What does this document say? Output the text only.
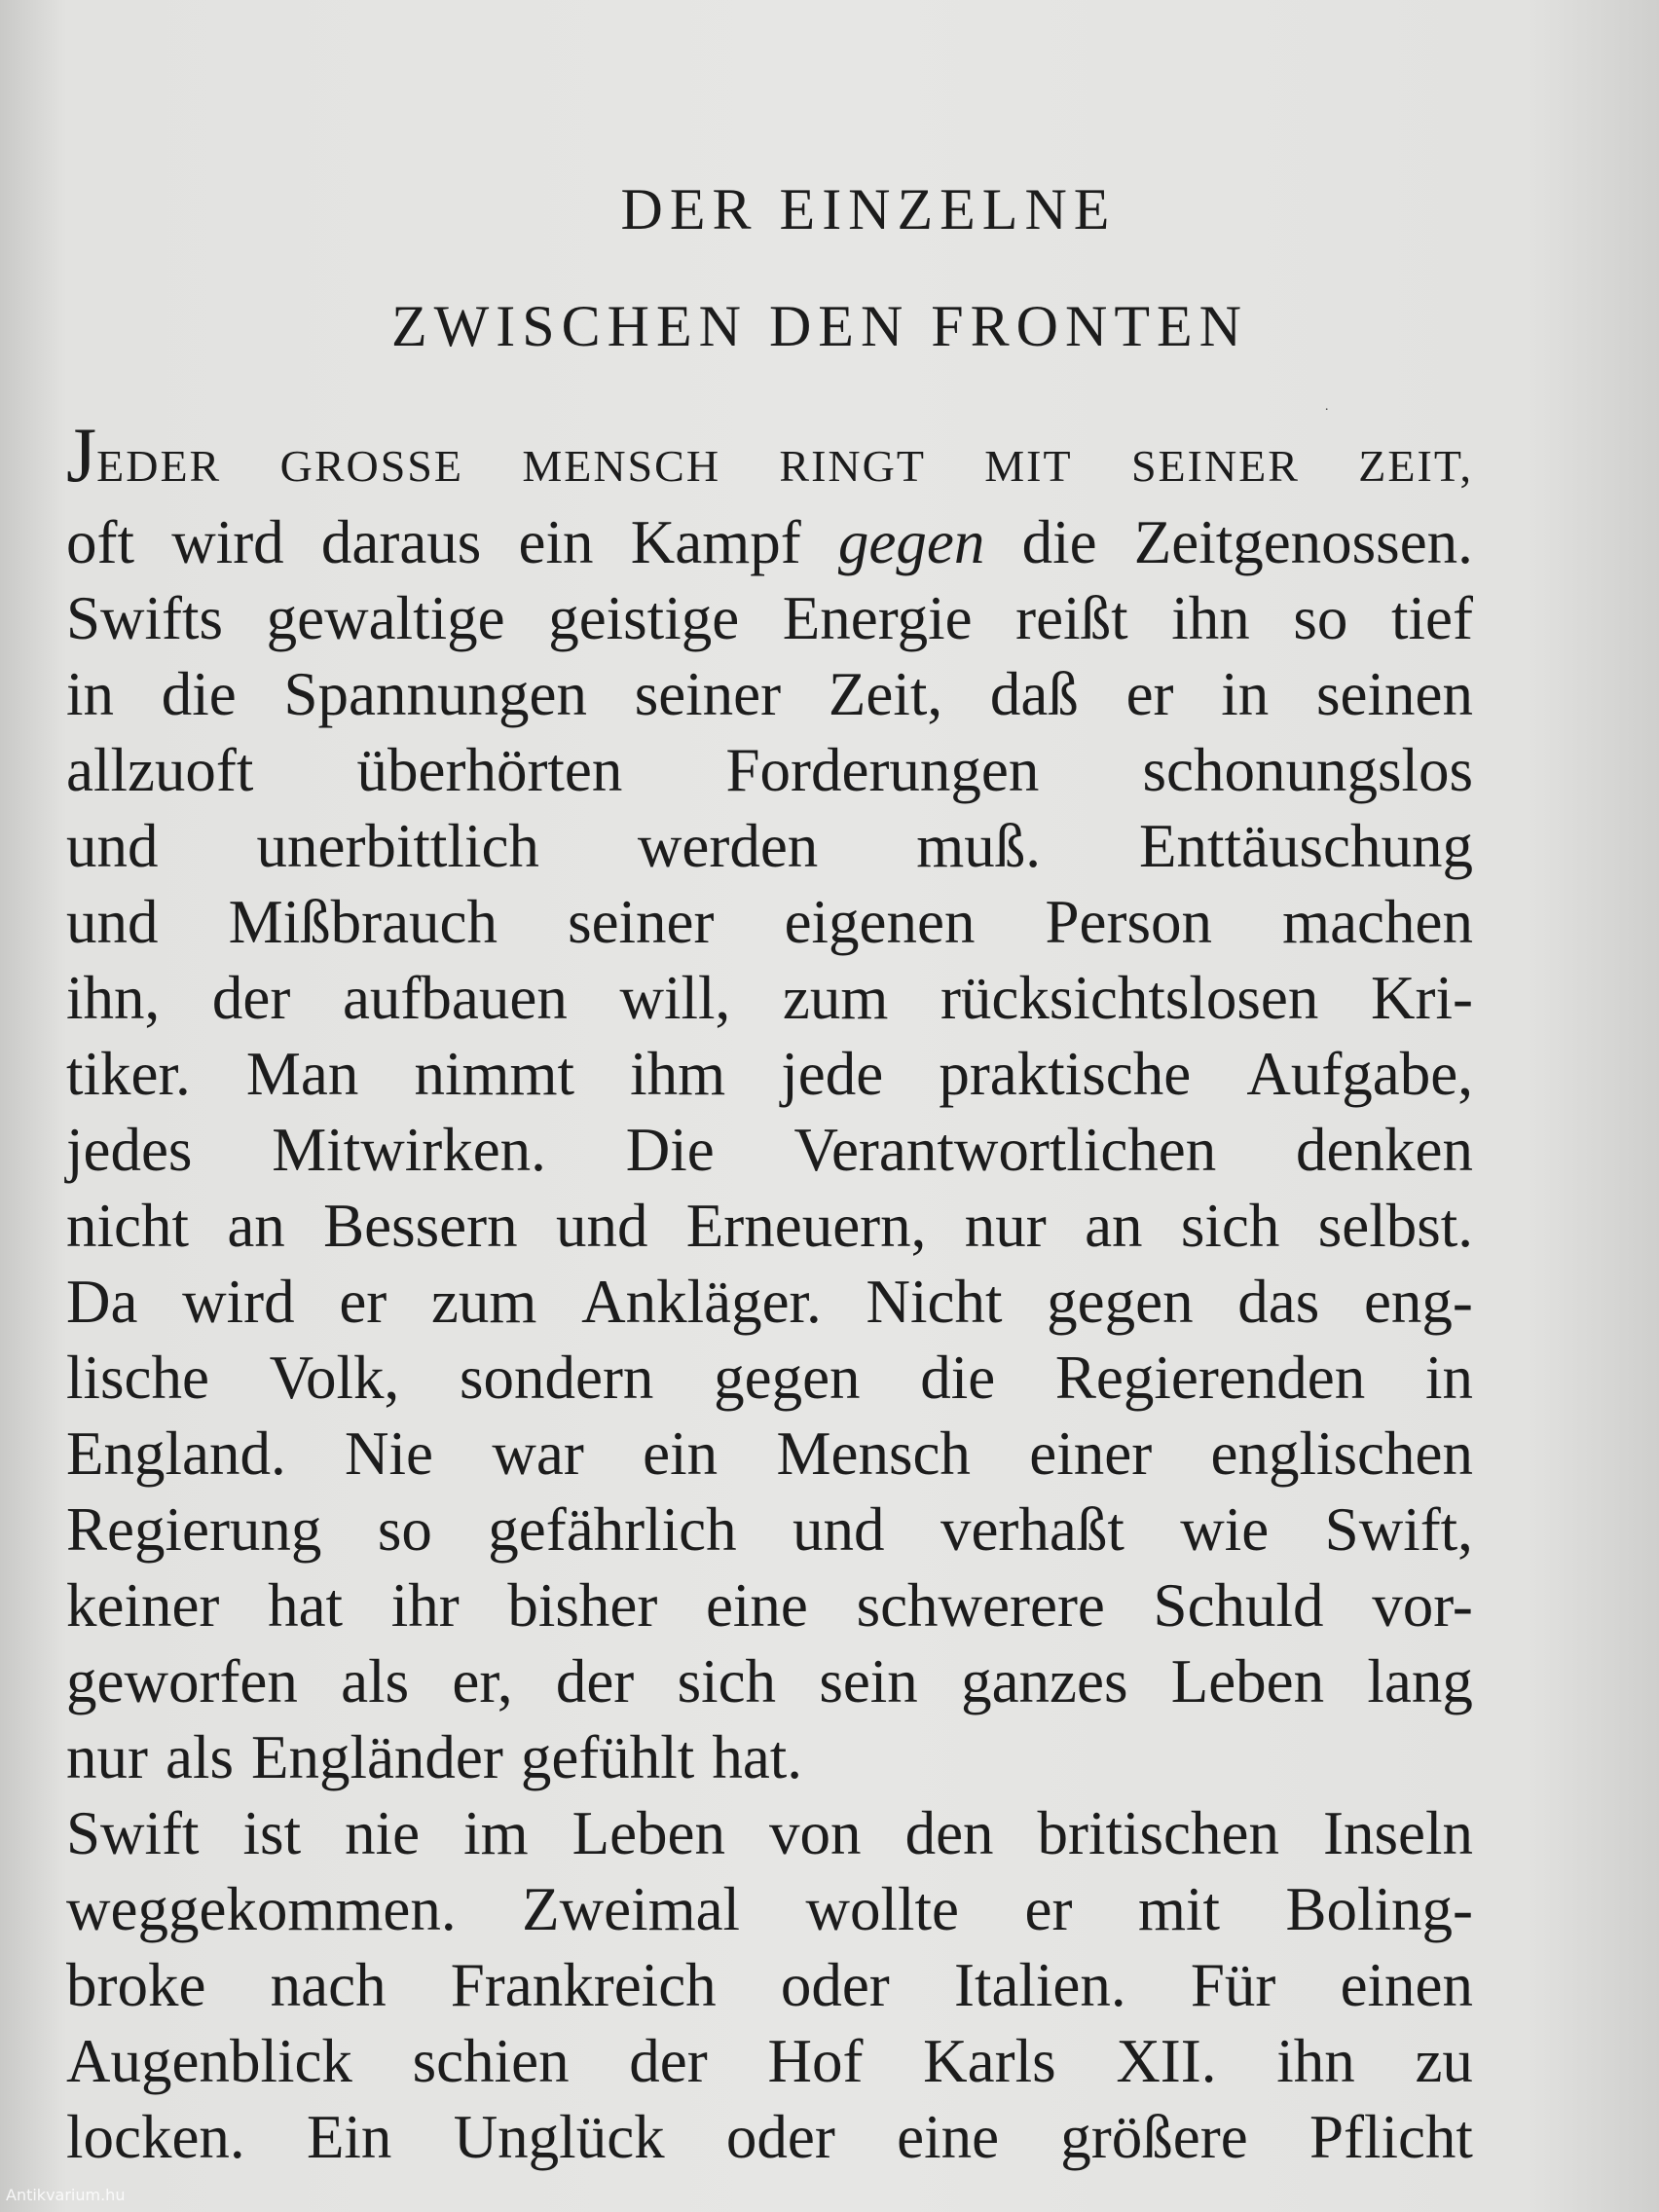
DER EINZELNE
ZWISCHEN DEN FRONTEN
˙
JEDER GROSSE MENSCH RINGT MIT SEINER ZEIT,
oft wird daraus ein Kampf gegen die Zeitgenossen.
Swifts gewaltige geistige Energie reißt ihn so tief
in die Spannungen seiner Zeit, daß er in seinen
allzuoft überhörten Forderungen schonungslos
und unerbittlich werden muß. Enttäuschung
und Mißbrauch seiner eigenen Person machen
ihn, der aufbauen will, zum rücksichtslosen Kri-
tiker. Man nimmt ihm jede praktische Aufgabe,
jedes Mitwirken. Die Verantwortlichen denken
nicht an Bessern und Erneuern, nur an sich selbst.
Da wird er zum Ankläger. Nicht gegen das eng-
lische Volk, sondern gegen die Regierenden in
England. Nie war ein Mensch einer englischen
Regierung so gefährlich und verhaßt wie Swift,
keiner hat ihr bisher eine schwerere Schuld vor-
geworfen als er, der sich sein ganzes Leben lang
nur als Engländer gefühlt hat.
Swift ist nie im Leben von den britischen Inseln
weggekommen. Zweimal wollte er mit Boling-
broke nach Frankreich oder Italien. Für einen
Augenblick schien der Hof Karls XII. ihn zu
locken. Ein Unglück oder eine größere Pflicht
Antikvarium.hu
